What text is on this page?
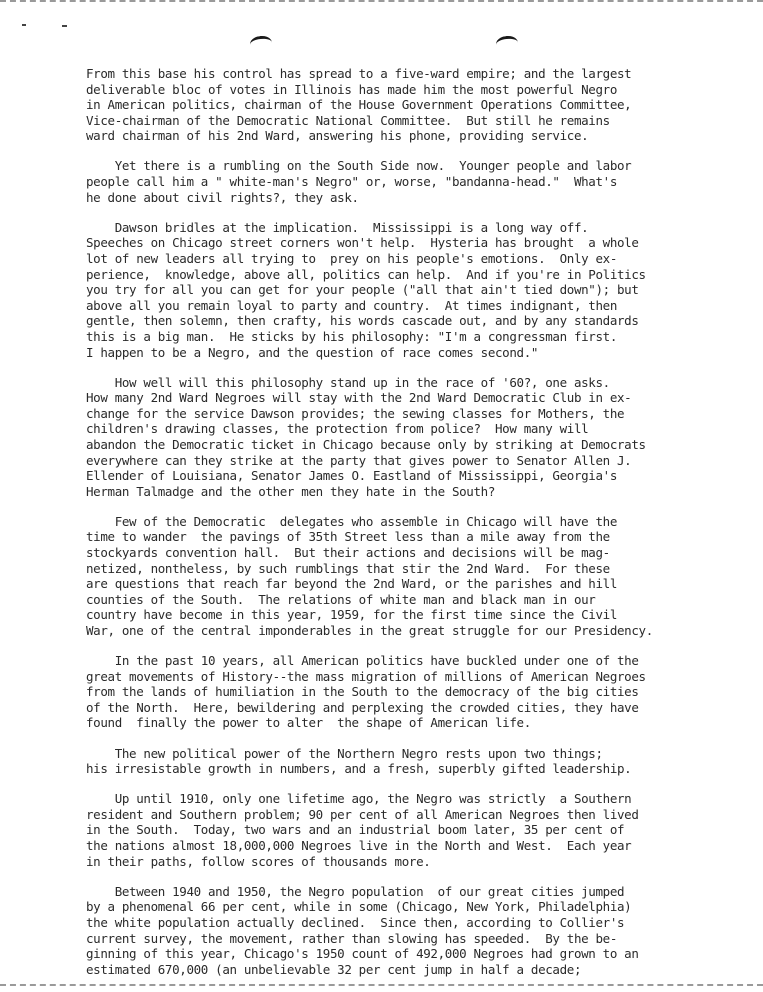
From this base his control has spread to a five-ward empire; and the largest
deliverable bloc of votes in Illinois has made him the most powerful Negro
in American politics, chairman of the House Government Operations Committee,
Vice-chairman of the Democratic National Committee.  But still he remains
ward chairman of his 2nd Ward, answering his phone, providing service.
Yet there is a rumbling on the South Side now.  Younger people and labor
people call him a " white-man's Negro" or, worse, "bandanna-head."  What's
he done about civil rights?, they ask.
Dawson bridles at the implication.  Mississippi is a long way off.
Speeches on Chicago street corners won't help.  Hysteria has brought  a whole
lot of new leaders all trying to  prey on his people's emotions.  Only ex-
perience,  knowledge, above all, politics can help.  And if you're in Politics
you try for all you can get for your people ("all that ain't tied down"); but
above all you remain loyal to party and country.  At times indignant, then
gentle, then solemn, then crafty, his words cascade out, and by any standards
this is a big man.  He sticks by his philosophy: "I'm a congressman first.
I happen to be a Negro, and the question of race comes second."
How well will this philosophy stand up in the race of '60?, one asks.
How many 2nd Ward Negroes will stay with the 2nd Ward Democratic Club in ex-
change for the service Dawson provides; the sewing classes for Mothers, the
children's drawing classes, the protection from police?  How many will
abandon the Democratic ticket in Chicago because only by striking at Democrats
everywhere can they strike at the party that gives power to Senator Allen J.
Ellender of Louisiana, Senator James O. Eastland of Mississippi, Georgia's
Herman Talmadge and the other men they hate in the South?
Few of the Democratic  delegates who assemble in Chicago will have the
time to wander  the pavings of 35th Street less than a mile away from the
stockyards convention hall.  But their actions and decisions will be mag-
netized, nontheless, by such rumblings that stir the 2nd Ward.  For these
are questions that reach far beyond the 2nd Ward, or the parishes and hill
counties of the South.  The relations of white man and black man in our
country have become in this year, 1959, for the first time since the Civil
War, one of the central imponderables in the great struggle for our Presidency.
In the past 10 years, all American politics have buckled under one of the
great movements of History--the mass migration of millions of American Negroes
from the lands of humiliation in the South to the democracy of the big cities
of the North.  Here, bewildering and perplexing the crowded cities, they have
found  finally the power to alter  the shape of American life.
The new political power of the Northern Negro rests upon two things;
his irresistable growth in numbers, and a fresh, superbly gifted leadership.
Up until 1910, only one lifetime ago, the Negro was strictly  a Southern
resident and Southern problem; 90 per cent of all American Negroes then lived
in the South.  Today, two wars and an industrial boom later, 35 per cent of
the nations almost 18,000,000 Negroes live in the North and West.  Each year
in their paths, follow scores of thousands more.
Between 1940 and 1950, the Negro population  of our great cities jumped
by a phenomenal 66 per cent, while in some (Chicago, New York, Philadelphia)
the white population actually declined.  Since then, according to Collier's
current survey, the movement, rather than slowing has speeded.  By the be-
ginning of this year, Chicago's 1950 count of 492,000 Negroes had grown to an
estimated 670,000 (an unbelievable 32 per cent jump in half a decade;
